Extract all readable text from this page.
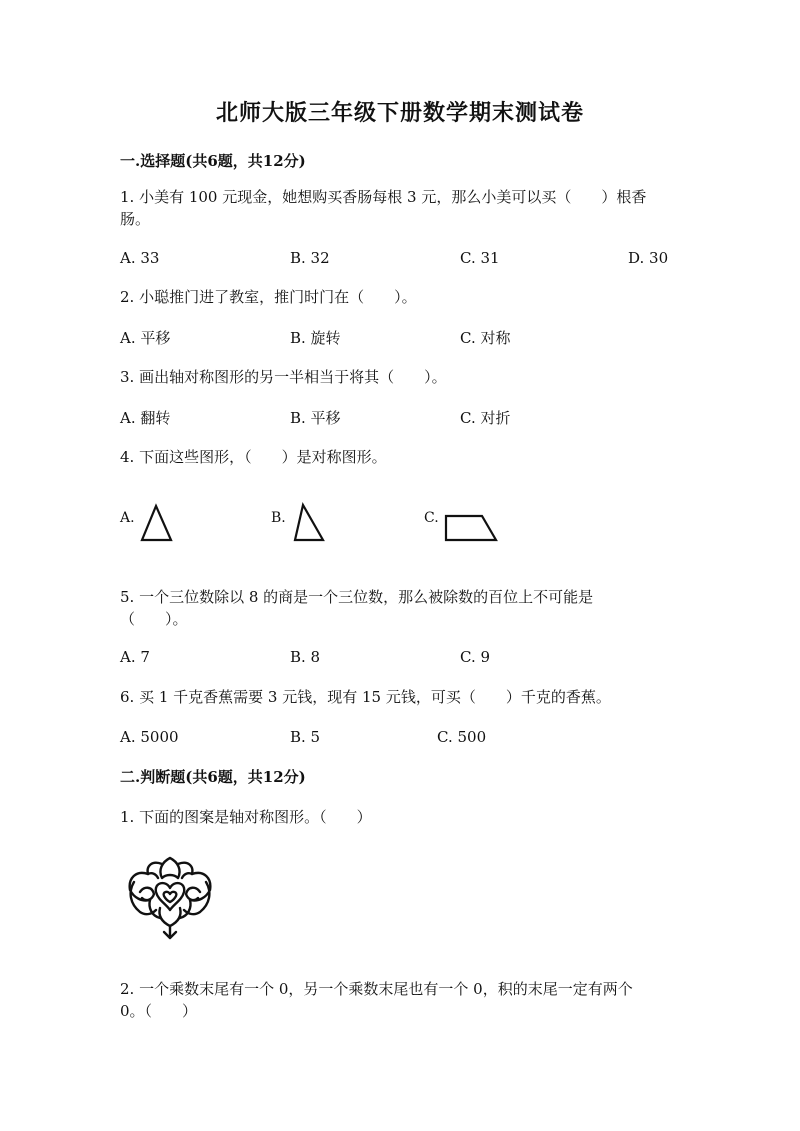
北师大版三年级下册数学期末测试卷
一.选择题(共6题，共12分)
1. 小美有 100 元现金，她想购买香肠每根 3 元，那么小美可以买（　　）根香
肠。
A. 33	B. 32	C. 31	D. 30
2. 小聪推门进了教室，推门时门在（　　）。
A. 平移	B. 旋转	C. 对称
3. 画出轴对称图形的另一半相当于将其（　　）。
A. 翻转	B. 平移	C. 对折
4. 下面这些图形，（　　）是对称图形。
A.	B.	C.
5. 一个三位数除以 8 的商是一个三位数，那么被除数的百位上不可能是
（　　）。
A. 7	B. 8	C. 9
6. 买 1 千克香蕉需要 3 元钱，现有 15 元钱，可买（　　）千克的香蕉。
A. 5000	B. 5	C. 500
二.判断题(共6题，共12分)
1. 下面的图案是轴对称图形。（　　）
2. 一个乘数末尾有一个 0，另一个乘数末尾也有一个 0，积的末尾一定有两个
0。（　　）
